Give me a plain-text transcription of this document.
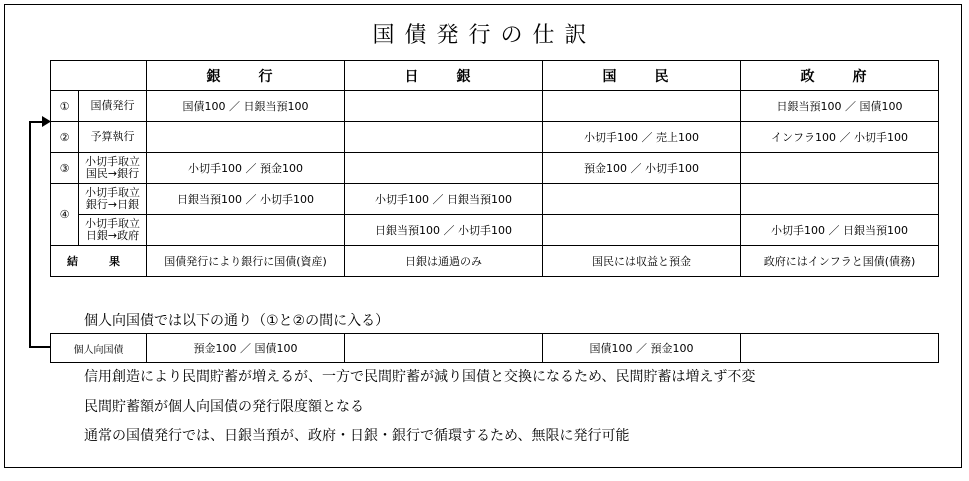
国債発行の仕訳
		銀　行	日　銀	国　民	政　府
①	国債発行	国債100 ／ 日銀当預100			日銀当預100 ／ 国債100
②	予算執行			小切手100 ／ 売上100	インフラ100 ／ 小切手100
③	小切手取立
国民→銀行	小切手100 ／ 預金100		預金100 ／ 小切手100	
④	小切手取立
銀行→日銀	日銀当預100 ／ 小切手100	小切手100 ／ 日銀当預100		
	小切手取立
日銀→政府		日銀当預100 ／ 小切手100		小切手100 ／ 日銀当預100
結　果		国債発行により銀行に国債(資産)	日銀は通過のみ	国民には収益と預金	政府にはインフラと国債(債務)
個人向国債では以下の通り（①と②の間に入る）
個人向国債	預金100 ／ 国債100		国債100 ／ 預金100	
信用創造により民間貯蓄が増えるが、一方で民間貯蓄が減り国債と交換になるため、民間貯蓄は増えず不変
民間貯蓄額が個人向国債の発行限度額となる
通常の国債発行では、日銀当預が、政府・日銀・銀行で循環するため、無限に発行可能
